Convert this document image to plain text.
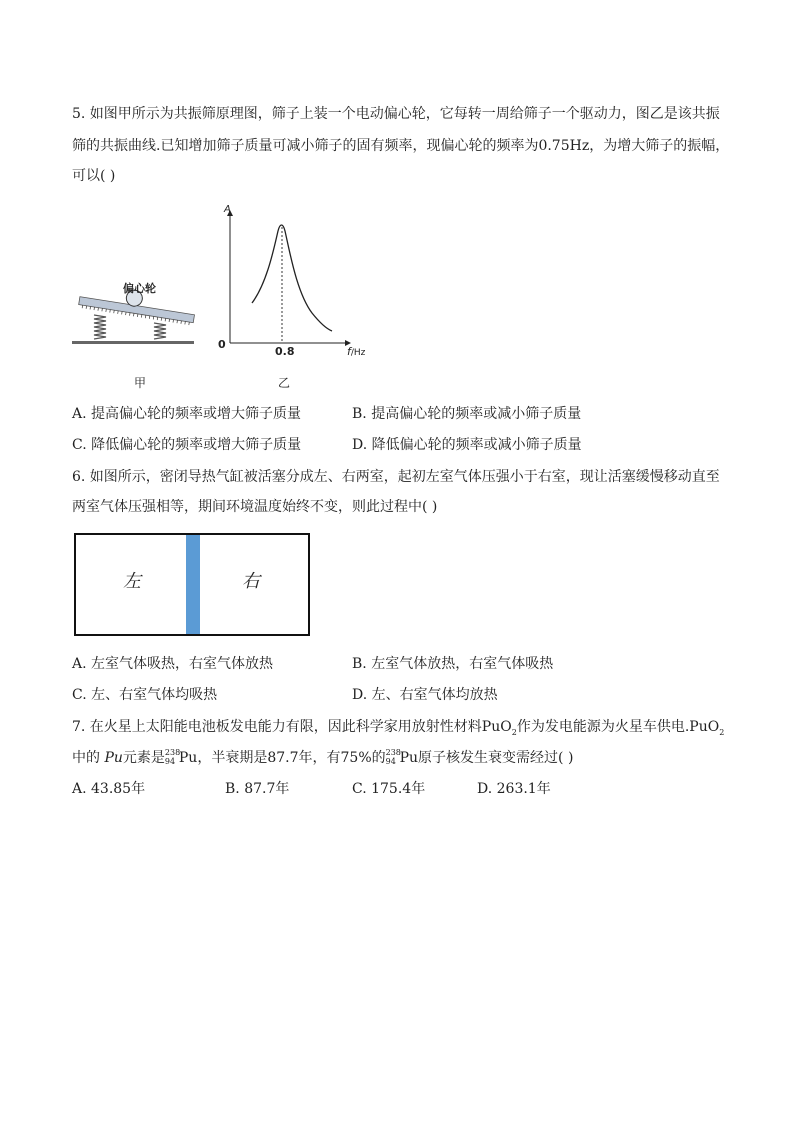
5. 如图甲所示为共振筛原理图，筛子上装一个电动偏心轮，它每转一周给筛子一个驱动力，图乙是该共振
筛的共振曲线.已知增加筛子质量可减小筛子的固有频率，现偏心轮的频率为0.75Hz，为增大筛子的振幅，
可以( )
偏心轮
甲
A
0
0.8	f/Hz
乙
A. 提高偏心轮的频率或增大筛子质量	B. 提高偏心轮的频率或减小筛子质量
C. 降低偏心轮的频率或增大筛子质量	D. 降低偏心轮的频率或减小筛子质量
6. 如图所示，密闭导热气缸被活塞分成左、右两室，起初左室气体压强小于右室，现让活塞缓慢移动直至
两室气体压强相等，期间环境温度始终不变，则此过程中( )
左	右
A. 左室气体吸热，右室气体放热	B. 左室气体放热，右室气体吸热
C. 左、右室气体均吸热	D. 左、右室气体均放热
7. 在火星上太阳能电池板发电能力有限，因此科学家用放射性材料PuO$_2$作为发电能源为火星车供电.PuO$_2$
中的 Pu元素是 238
94 Pu，半衰期是87.7年，有75%的 238
94 Pu原子核发生衰变需经过( )
A. 43.85年	B. 87.7年	C. 175.4年	D. 263.1年
